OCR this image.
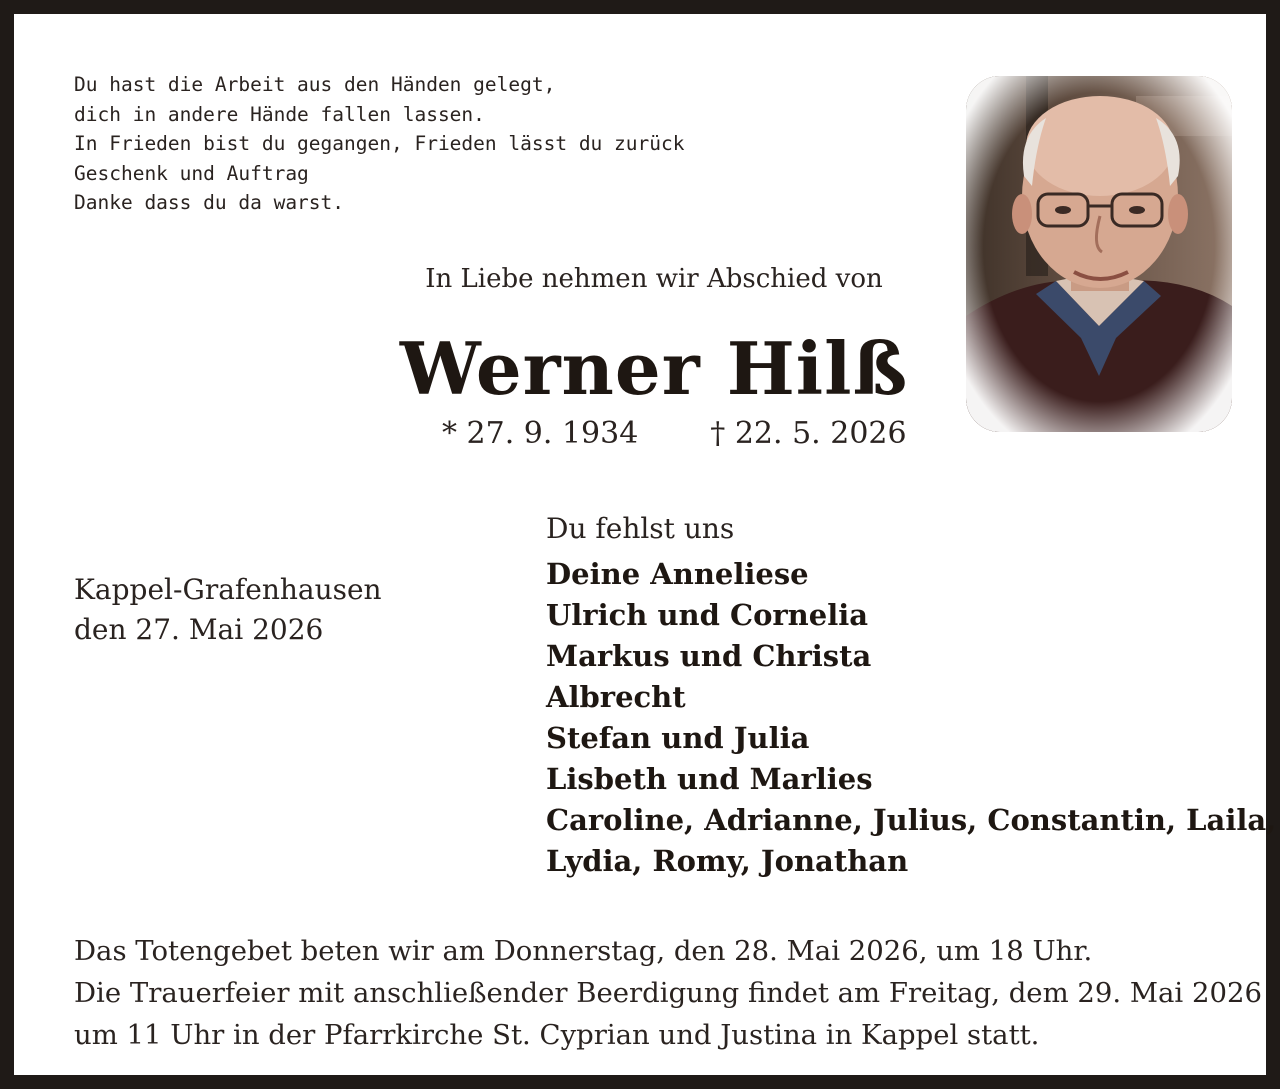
Du hast die Arbeit aus den Händen gelegt,
dich in andere Hände fallen lassen.
In Frieden bist du gegangen, Frieden lässt du zurück
Geschenk und Auftrag
Danke dass du da warst.
In Liebe nehmen wir Abschied von
Werner Hilß
* 27. 9. 1934 † 22. 5. 2026
Kappel-Grafenhausen
den 27. Mai 2026
Du fehlst uns
Deine Anneliese
Ulrich und Cornelia
Markus und Christa
Albrecht
Stefan und Julia
Lisbeth und Marlies
Caroline, Adrianne, Julius, Constantin, Laila,
Lydia, Romy, Jonathan
Das Totengebet beten wir am Donnerstag, den 28. Mai 2026, um 18 Uhr.
Die Trauerfeier mit anschließender Beerdigung findet am Freitag, dem 29. Mai 2026
um 11 Uhr in der Pfarrkirche St. Cyprian und Justina in Kappel statt.
